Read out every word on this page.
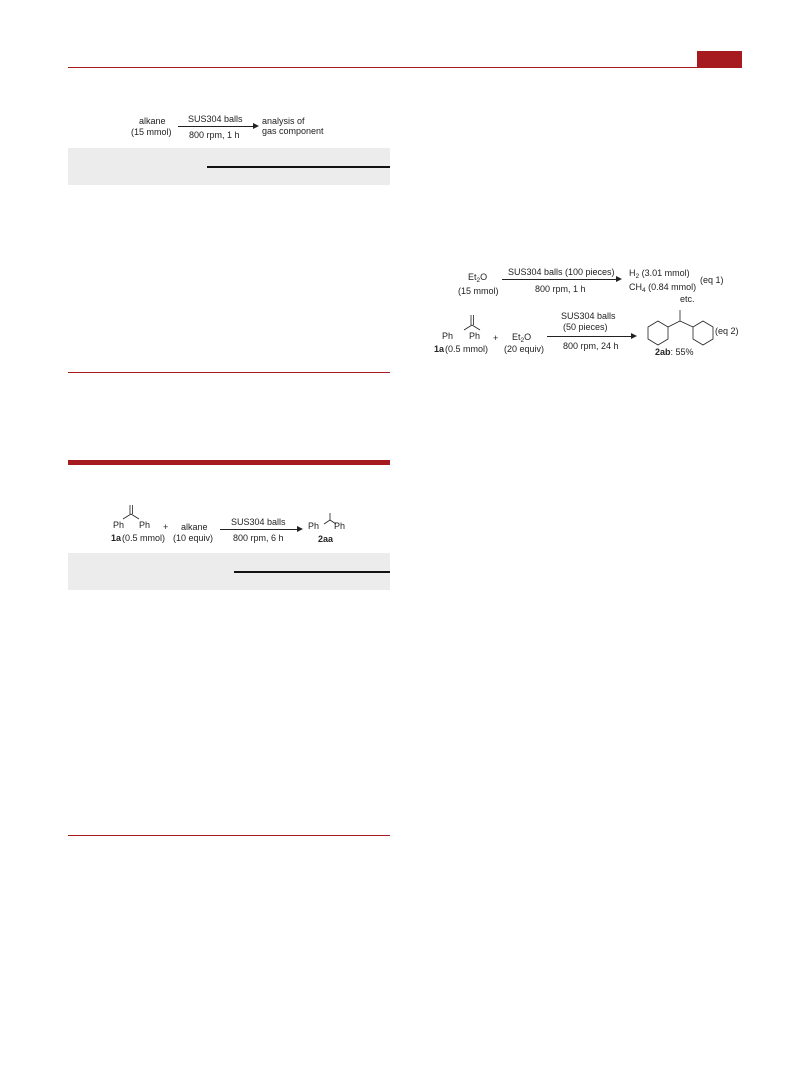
alkane
(15 mmol)
SUS304 balls
800 rpm, 1 h
analysis of
gas component
Ph Ph
1a (0.5 mmol)
+ alkane
(10 equiv)
SUS304 balls
800 rpm, 6 h
Ph Ph
2aa
$Et_2O$
(15 mmol)
SUS304 balls (100 pieces)
800 rpm, 1 h
$H_2$ (3.01 mmol)
$CH_4$ (0.84 mmol)
etc.
(eq 1)
Ph Ph
1a (0.5 mmol)
+ $Et_2O$
(20 equiv)
SUS304 balls
(50 pieces)
800 rpm, 24 h
2ab: 55%
(eq 2)
